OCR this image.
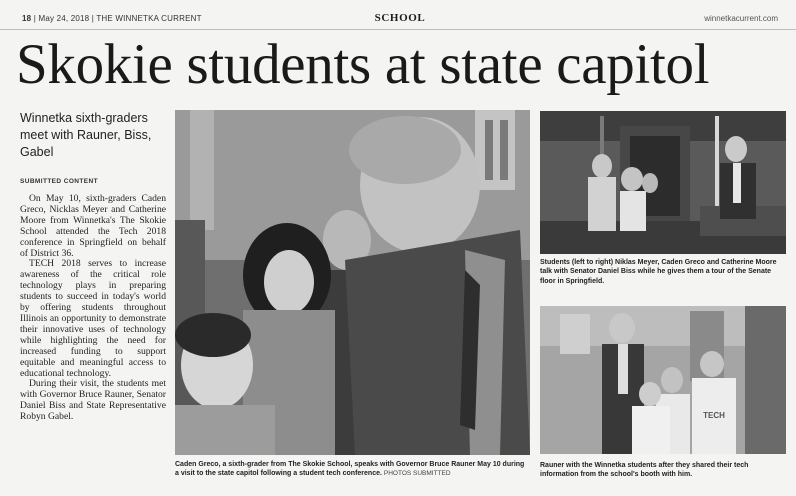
18 | May 24, 2018 | THE WINNETKA CURRENT	SCHOOL	winnetkacurrent.com
Skokie students at state capitol
Winnetka sixth-graders meet with Rauner, Biss, Gabel
SUBMITTED CONTENT

On May 10, sixth-graders Caden Greco, Nicklas Meyer and Catherine Moore from Winnetka's The Skokie School attended the Tech 2018 conference in Springfield on behalf of District 36.

TECH 2018 serves to increase awareness of the critical role technology plays in preparing students to succeed in today's world by offering students throughout Illinois an opportunity to demonstrate their innovative uses of technology while highlighting the need for increased funding to support equitable and meaningful access to educational technology.

During their visit, the students met with Governor Bruce Rauner, Senator Daniel Biss and State Representative Robyn Gabel.

Caden Greco, a sixth-grader from The Skokie School, speaks with Governor Bruce Rauner May 10 during a visit to the state capitol following a student tech conference. PHOTOS SUBMITTED
Students (left to right) Niklas Meyer, Caden Greco and Catherine Moore talk with Senator Daniel Biss while he gives them a tour of the Senate floor in Springfield.
TECH
Rauner with the Winnetka students after they shared their tech information from the school's booth with him.
